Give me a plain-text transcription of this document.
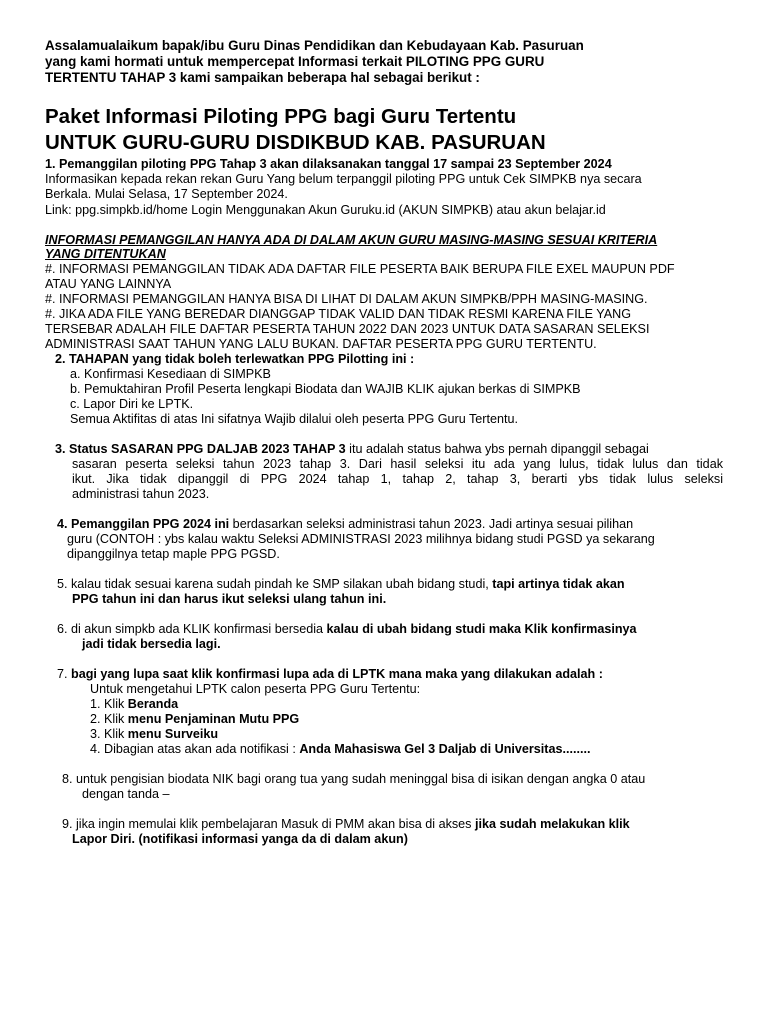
Assalamualaikum bapak/ibu Guru Dinas Pendidikan dan Kebudayaan Kab. Pasuruan

yang kami hormati untuk mempercepat Informasi terkait PILOTING PPG GURU

TERTENTU TAHAP 3 kami sampaikan beberapa hal sebagai berikut :

Paket Informasi Piloting PPG bagi Guru Tertentu

UNTUK GURU-GURU DISDIKBUD KAB. PASURUAN

1. Pemanggilan piloting PPG Tahap 3 akan dilaksanakan tanggal 17 sampai 23 September 2024

Informasikan kepada rekan rekan Guru Yang belum terpanggil piloting PPG untuk Cek SIMPKB nya secara

Berkala. Mulai Selasa, 17 September 2024.

Link: ppg.simpkb.id/home Login Menggunakan Akun Guruku.id (AKUN SIMPKB) atau akun belajar.id

INFORMASI PEMANGGILAN HANYA ADA DI DALAM AKUN GURU MASING-MASING SESUAI KRITERIA

YANG DITENTUKAN

#. INFORMASI PEMANGGILAN TIDAK ADA DAFTAR FILE PESERTA BAIK BERUPA FILE EXEL MAUPUN PDF

ATAU YANG LAINNYA

#. INFORMASI PEMANGGILAN HANYA BISA DI LIHAT DI DALAM AKUN SIMPKB/PPH MASING-MASING.

#. JIKA ADA FILE YANG BEREDAR DIANGGAP TIDAK VALID DAN TIDAK RESMI KARENA FILE YANG

TERSEBAR ADALAH FILE DAFTAR PESERTA TAHUN 2022 DAN 2023 UNTUK DATA SASARAN SELEKSI

ADMINISTRASI SAAT TAHUN YANG LALU BUKAN. DAFTAR PESERTA PPG GURU TERTENTU.

2. TAHAPAN yang tidak boleh terlewatkan PPG Pilotting ini :

a. Konfirmasi Kesediaan di SIMPKB

b. Pemuktahiran Profil Peserta lengkapi Biodata dan WAJIB KLIK ajukan berkas di SIMPKB

c. Lapor Diri ke LPTK.

Semua Aktifitas di atas Ini sifatnya Wajib dilalui oleh peserta PPG Guru Tertentu.

3. Status SASARAN PPG DALJAB 2023 TAHAP 3 itu adalah status bahwa ybs pernah dipanggil sebagai

sasaran peserta seleksi tahun 2023 tahap 3. Dari hasil seleksi itu ada yang lulus, tidak lulus dan tidak

ikut. Jika tidak dipanggil di PPG 2024 tahap 1, tahap 2, tahap 3, berarti ybs tidak lulus seleksi

administrasi tahun 2023.

4. Pemanggilan PPG 2024 ini berdasarkan seleksi administrasi tahun 2023. Jadi artinya sesuai pilihan

guru (CONTOH : ybs kalau waktu Seleksi ADMINISTRASI 2023 milihnya bidang studi PGSD ya sekarang

dipanggilnya tetap maple PPG PGSD.

5. kalau tidak sesuai karena sudah pindah ke SMP silakan ubah bidang studi, tapi artinya tidak akan

PPG tahun ini dan harus ikut seleksi ulang tahun ini.

6. di akun simpkb ada KLIK konfirmasi bersedia kalau di ubah bidang studi maka Klik konfirmasinya

jadi tidak bersedia lagi.

7. bagi yang lupa saat klik konfirmasi lupa ada di LPTK mana maka yang dilakukan adalah :

Untuk mengetahui LPTK calon peserta PPG Guru Tertentu:

1. Klik Beranda

2. Klik menu Penjaminan Mutu PPG

3. Klik menu Surveiku

4. Dibagian atas akan ada notifikasi : Anda Mahasiswa Gel 3 Daljab di Universitas........

8. untuk pengisian biodata NIK bagi orang tua yang sudah meninggal bisa di isikan dengan angka 0 atau

dengan tanda –

9. jika ingin memulai klik pembelajaran Masuk di PMM akan bisa di akses jika sudah melakukan klik

Lapor Diri. (notifikasi informasi yanga da di dalam akun)
